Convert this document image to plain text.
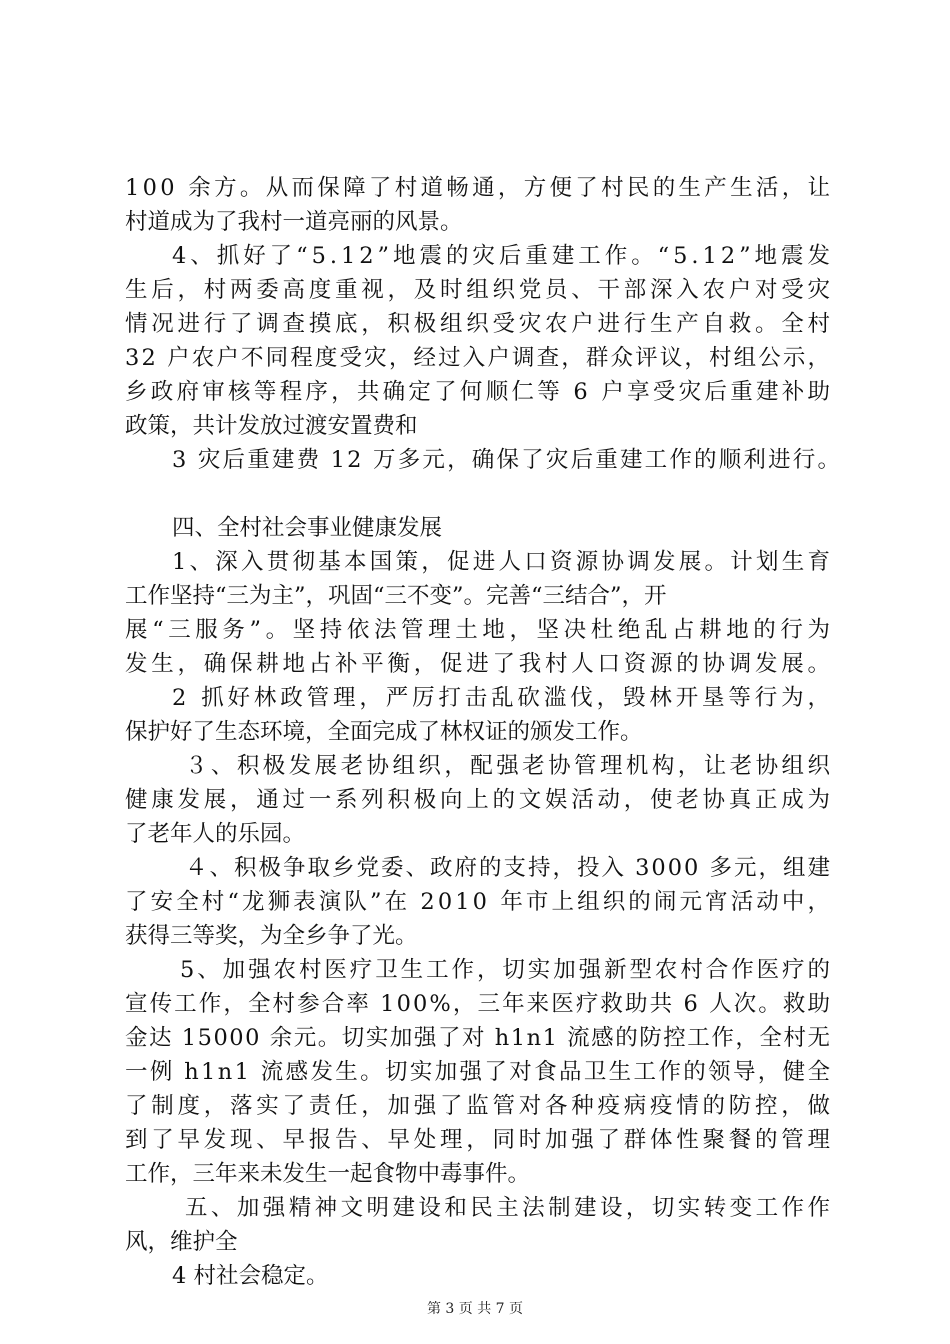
100 余方。从而保障了村道畅通，方便了村民的生产生活，让
村道成为了我村一道亮丽的风景。
4、抓好了“5.12”地震的灾后重建工作。“5.12”地震发
生后，村两委高度重视，及时组织党员、干部深入农户对受灾
情况进行了调查摸底，积极组织受灾农户进行生产自救。全村
32 户农户不同程度受灾，经过入户调查，群众评议，村组公示，
乡政府审核等程序，共确定了何顺仁等 6 户享受灾后重建补助
政策，共计发放过渡安置费和
3 灾后重建费 12 万多元，确保了灾后重建工作的顺利进行。
四、全村社会事业健康发展
1、深入贯彻基本国策，促进人口资源协调发展。计划生育
工作坚持“三为主”，巩固“三不变”。完善“三结合”，开
展“三服务”。坚持依法管理土地，坚决杜绝乱占耕地的行为
发生，确保耕地占补平衡，促进了我村人口资源的协调发展。
2 抓好林政管理，严厉打击乱砍滥伐，毁林开垦等行为，
保护好了生态环境，全面完成了林权证的颁发工作。
３、积极发展老协组织，配强老协管理机构，让老协组织
健康发展，通过一系列积极向上的文娱活动，使老协真正成为
了老年人的乐园。
４、积极争取乡党委、政府的支持，投入 3000 多元，组建
了安全村“龙狮表演队”在 2010 年市上组织的闹元宵活动中，
获得三等奖，为全乡争了光。
5、加强农村医疗卫生工作，切实加强新型农村合作医疗的
宣传工作，全村参合率 100%，三年来医疗救助共 6 人次。救助
金达 15000 余元。切实加强了对 h1n1 流感的防控工作，全村无
一例 h1n1 流感发生。切实加强了对食品卫生工作的领导，健全
了制度，落实了责任，加强了监管对各种疫病疫情的防控，做
到了早发现、早报告、早处理，同时加强了群体性聚餐的管理
工作，三年来未发生一起食物中毒事件。
五、加强精神文明建设和民主法制建设，切实转变工作作
风，维护全
4 村社会稳定。
第 3 页 共 7 页
